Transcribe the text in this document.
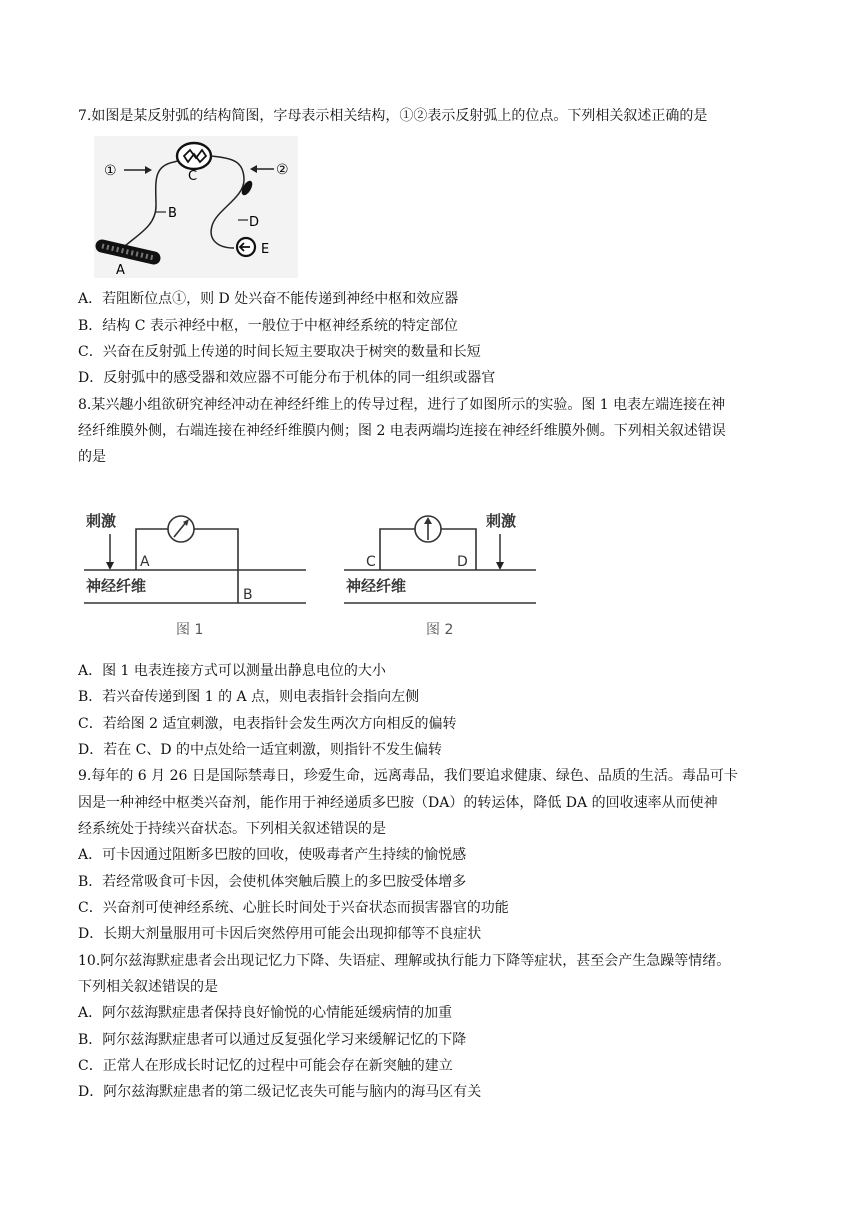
7.如图是某反射弧的结构简图，字母表示相关结构，①②表示反射弧上的位点。下列相关叙述正确的是
①
A
B
C
D
E
②
A．若阻断位点①，则 D 处兴奋不能传递到神经中枢和效应器
B．结构 C 表示神经中枢，一般位于中枢神经系统的特定部位
C．兴奋在反射弧上传递的时间长短主要取决于树突的数量和长短
D．反射弧中的感受器和效应器不可能分布于机体的同一组织或器官
8.某兴趣小组欲研究神经冲动在神经纤维上的传导过程，进行了如图所示的实验。图 1 电表左端连接在神
经纤维膜外侧，右端连接在神经纤维膜内侧；图 2 电表两端均连接在神经纤维膜外侧。下列相关叙述错误
的是
刺激
神经纤维
A
B
图 1
神经纤维
C	D
刺激
图 2
A．图 1 电表连接方式可以测量出静息电位的大小
B．若兴奋传递到图 1 的 A 点，则电表指针会指向左侧
C．若给图 2 适宜刺激，电表指针会发生两次方向相反的偏转
D．若在 C、D 的中点处给一适宜刺激，则指针不发生偏转
9.每年的 6 月 26 日是国际禁毒日，珍爱生命，远离毒品，我们要追求健康、绿色、品质的生活。毒品可卡
因是一种神经中枢类兴奋剂，能作用于神经递质多巴胺（DA）的转运体，降低 DA 的回收速率从而使神
经系统处于持续兴奋状态。下列相关叙述错误的是
A．可卡因通过阻断多巴胺的回收，使吸毒者产生持续的愉悦感
B．若经常吸食可卡因，会使机体突触后膜上的多巴胺受体增多
C．兴奋剂可使神经系统、心脏长时间处于兴奋状态而损害器官的功能
D．长期大剂量服用可卡因后突然停用可能会出现抑郁等不良症状
10.阿尔兹海默症患者会出现记忆力下降、失语症、理解或执行能力下降等症状，甚至会产生急躁等情绪。
下列相关叙述错误的是
A．阿尔兹海默症患者保持良好愉悦的心情能延缓病情的加重
B．阿尔兹海默症患者可以通过反复强化学习来缓解记忆的下降
C．正常人在形成长时记忆的过程中可能会存在新突触的建立
D．阿尔兹海默症患者的第二级记忆丧失可能与脑内的海马区有关
